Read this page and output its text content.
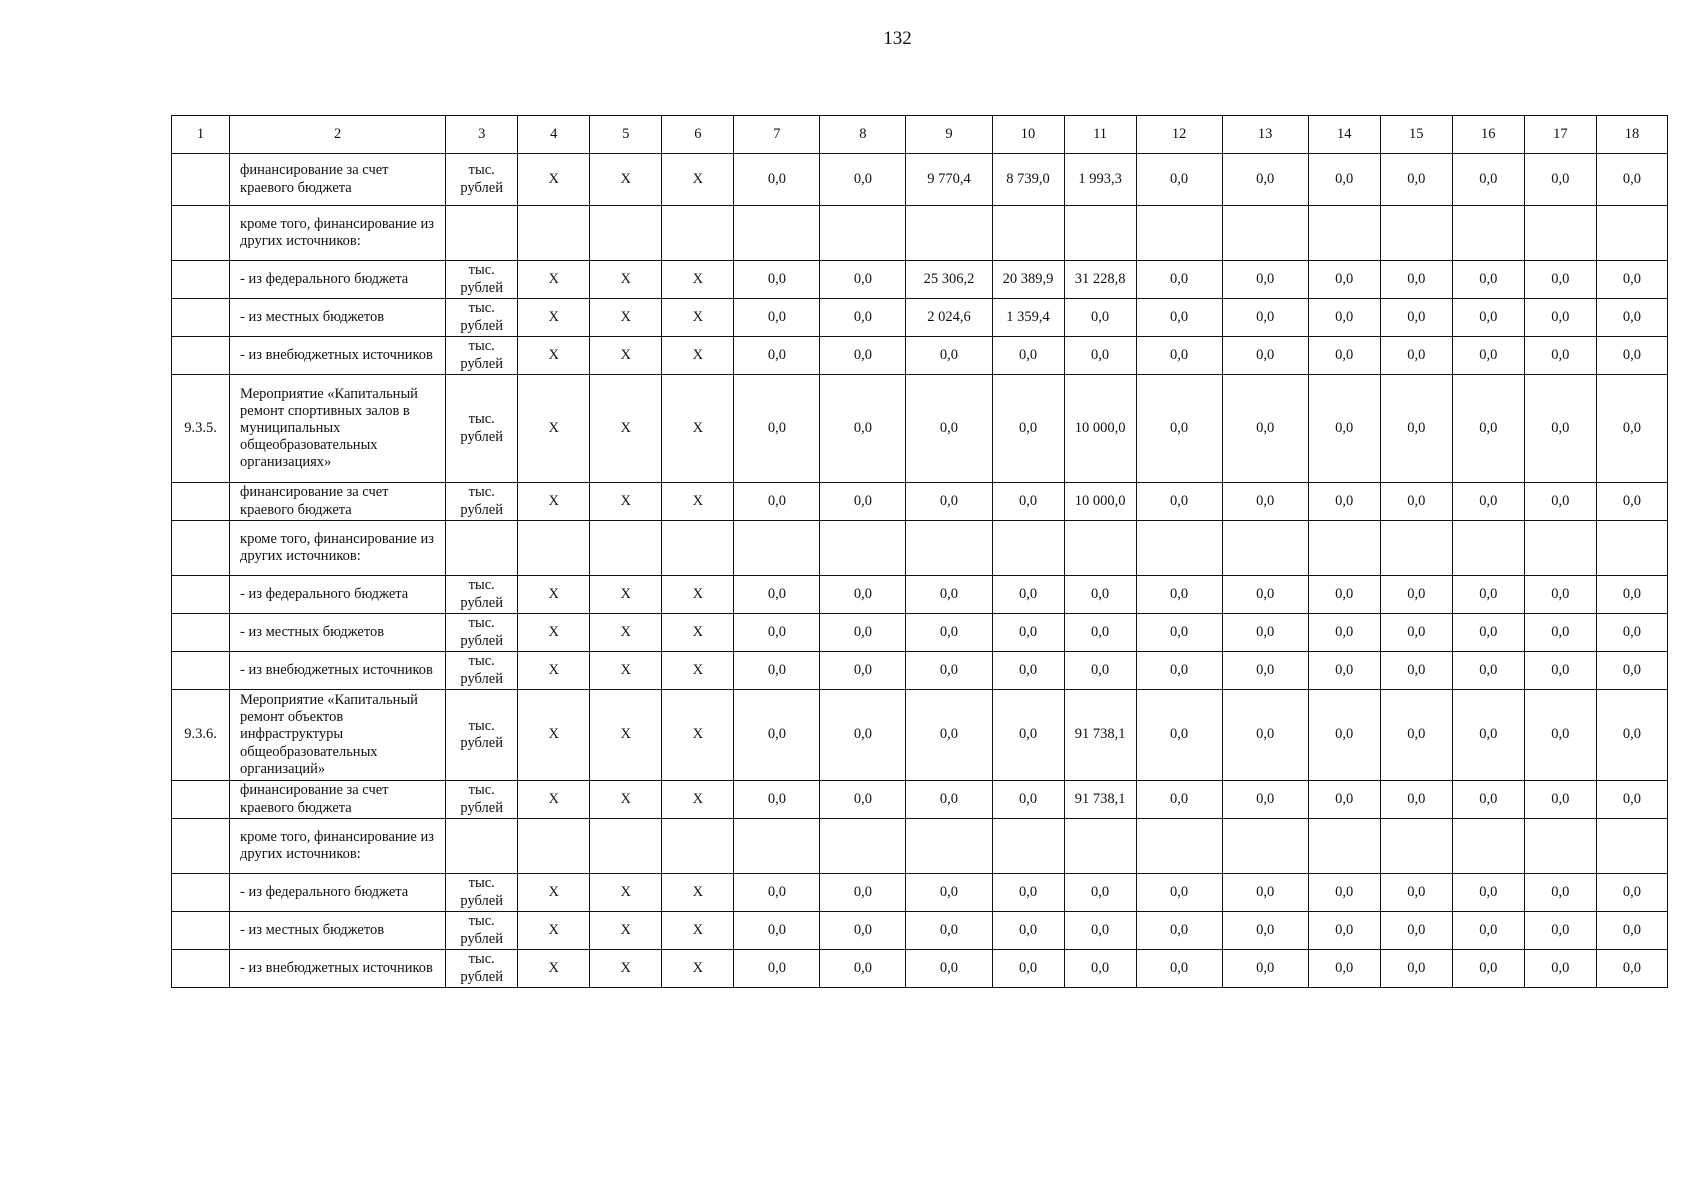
132
1	2	3	4	5	6	7	8	9	10	11	12	13	14	15	16	17	18
	финансирование за счет краевого бюджета	тыс. рублей	X	X	X	0,0	0,0	9 770,4	8 739,0	1 993,3	0,0	0,0	0,0	0,0	0,0	0,0	0,0
	кроме того, финансирование из других источников:																
	- из федерального бюджета	тыс. рублей	X	X	X	0,0	0,0	25 306,2	20 389,9	31 228,8	0,0	0,0	0,0	0,0	0,0	0,0	0,0
	- из местных бюджетов	тыс. рублей	X	X	X	0,0	0,0	2 024,6	1 359,4	0,0	0,0	0,0	0,0	0,0	0,0	0,0	0,0
	- из внебюджетных источников	тыс. рублей	X	X	X	0,0	0,0	0,0	0,0	0,0	0,0	0,0	0,0	0,0	0,0	0,0	0,0
9.3.5.	Мероприятие «Капитальный ремонт спортивных залов в муниципальных общеобразовательных организациях»	тыс. рублей	X	X	X	0,0	0,0	0,0	0,0	10 000,0	0,0	0,0	0,0	0,0	0,0	0,0	0,0
	финансирование за счет краевого бюджета	тыс. рублей	X	X	X	0,0	0,0	0,0	0,0	10 000,0	0,0	0,0	0,0	0,0	0,0	0,0	0,0
	кроме того, финансирование из других источников:																
	- из федерального бюджета	тыс. рублей	X	X	X	0,0	0,0	0,0	0,0	0,0	0,0	0,0	0,0	0,0	0,0	0,0	0,0
	- из местных бюджетов	тыс. рублей	X	X	X	0,0	0,0	0,0	0,0	0,0	0,0	0,0	0,0	0,0	0,0	0,0	0,0
	- из внебюджетных источников	тыс. рублей	X	X	X	0,0	0,0	0,0	0,0	0,0	0,0	0,0	0,0	0,0	0,0	0,0	0,0
9.3.6.	Мероприятие «Капитальный ремонт объектов инфраструктуры общеобразовательных организаций»	тыс. рублей	X	X	X	0,0	0,0	0,0	0,0	91 738,1	0,0	0,0	0,0	0,0	0,0	0,0	0,0
	финансирование за счет краевого бюджета	тыс. рублей	X	X	X	0,0	0,0	0,0	0,0	91 738,1	0,0	0,0	0,0	0,0	0,0	0,0	0,0
	кроме того, финансирование из других источников:																
	- из федерального бюджета	тыс. рублей	X	X	X	0,0	0,0	0,0	0,0	0,0	0,0	0,0	0,0	0,0	0,0	0,0	0,0
	- из местных бюджетов	тыс. рублей	X	X	X	0,0	0,0	0,0	0,0	0,0	0,0	0,0	0,0	0,0	0,0	0,0	0,0
	- из внебюджетных источников	тыс. рублей	X	X	X	0,0	0,0	0,0	0,0	0,0	0,0	0,0	0,0	0,0	0,0	0,0	0,0
